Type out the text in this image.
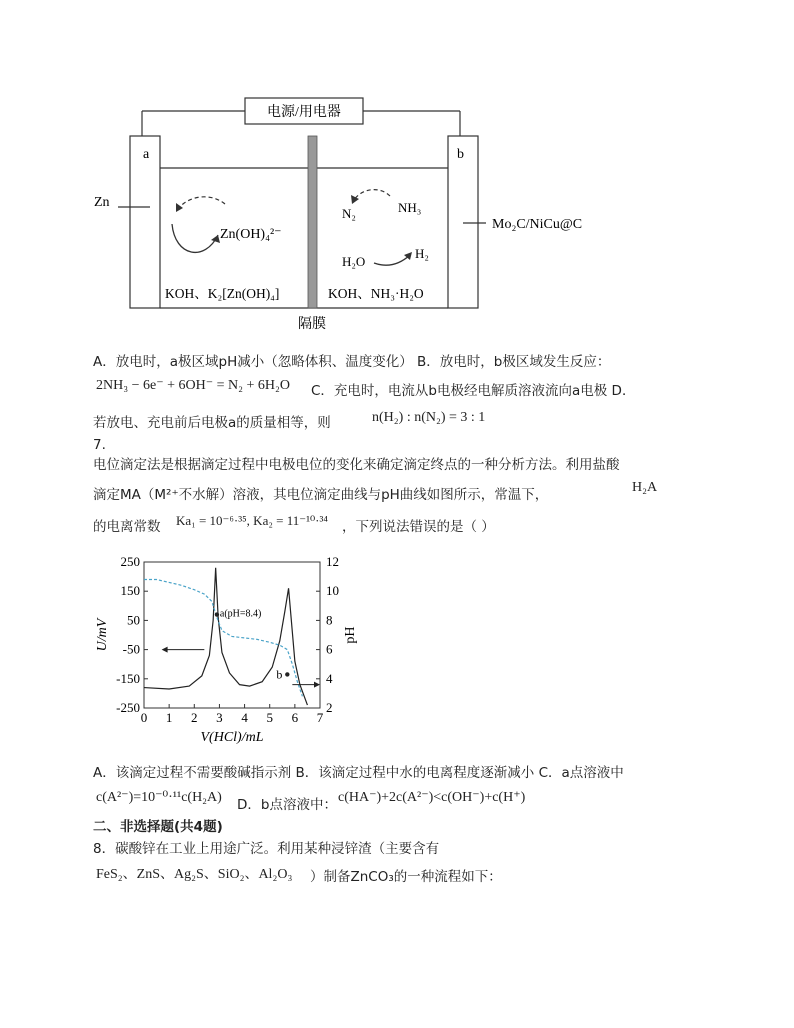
电源/用电器
a	b
Zn
Mo₂C/NiCu@C
Zn(OH)₄²⁻
N₂	NH₃
H₂O
H₂
KOH、K₂[Zn(OH)₄]	KOH、NH₃·H₂O
隔膜
A．放电时，a极区域pH减小（忽略体积、温度变化） B．放电时，b极区域发生反应：
2NH₃ − 6e⁻ + 6OH⁻ = N₂ + 6H₂O C．充电时，电流从b电极经电解质溶液流向a电极 D．
若放电、充电前后电极a的质量相等，则	n(H₂) : n(N₂) = 3 : 1
7.
电位滴定法是根据滴定过程中电极电位的变化来确定滴定终点的一种分析方法。利用盐酸
滴定MA（M²⁺不水解）溶液，其电位滴定曲线与pH曲线如图所示，常温下，	H₂A
的电离常数 Ka₁ = 10⁻⁶·³⁵, Ka₂ = 11⁻¹⁰·³⁴ ，下列说法错误的是（ ）
0 1 2 3 4 5 6 7
250
150
50
-50
-150
-250
12
10
8
6
4
2
V(HCl)/mL
U/mV	pH
a(pH=8.4)
b
A．该滴定过程不需要酸碱指示剂 B．该滴定过程中水的电离程度逐渐减小 C．a点溶液中
c(A²⁻)=10⁻⁰·¹¹c(H₂A) D．b点溶液中： c(HA⁻)+2c(A²⁻)<c(OH⁻)+c(H⁺)
二、非选择题(共4题)
8．碳酸锌在工业上用途广泛。利用某种浸锌渣（主要含有
FeS₂、ZnS、Ag₂S、SiO₂、Al₂O₃ ）制备ZnCO₃的一种流程如下：
